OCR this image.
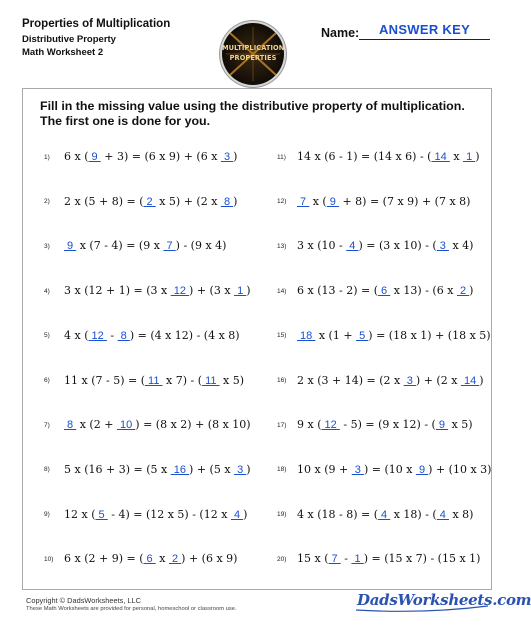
Properties of Multiplication
Distributive Property
Math Worksheet 2	MULTIPLICATION
PROPERTIES
Name:	ANSWER KEY
Fill in the missing value using the distributive property of multiplication.
The first one is done for you.
1) 6 x ( 9  + 3) = (6 x 9) + (6 x  3 )
2) 2 x (5 + 8) = ( 2  x 5) + (2 x  8 )
3) 9  x (7 - 4) = (9 x  7 ) - (9 x 4)
4) 3 x (12 + 1) = (3 x  12 ) + (3 x  1 )
5) 4 x ( 12  -  8 ) = (4 x 12) - (4 x 8)
6) 11 x (7 - 5) = ( 11  x 7) - ( 11  x 5)
7) 8  x (2 +  10 ) = (8 x 2) + (8 x 10)
8) 5 x (16 + 3) = (5 x  16 ) + (5 x  3 )
9) 12 x ( 5  - 4) = (12 x 5) - (12 x  4 )
10) 6 x (2 + 9) = ( 6  x  2 ) + (6 x 9)
11) 14 x (6 - 1) = (14 x 6) - ( 14  x  1 )
12) 7  x ( 9  + 8) = (7 x 9) + (7 x 8)
13) 3 x (10 -  4 ) = (3 x 10) - ( 3  x 4)
14) 6 x (13 - 2) = ( 6  x 13) - (6 x  2 )
15) 18  x (1 +  5 ) = (18 x 1) + (18 x 5)
16) 2 x (3 + 14) = (2 x  3 ) + (2 x  14 )
17) 9 x ( 12  - 5) = (9 x 12) - ( 9  x 5)
18) 10 x (9 +  3 ) = (10 x  9 ) + (10 x 3)
19) 4 x (18 - 8) = ( 4  x 18) - ( 4  x 8)
20) 15 x ( 7  -  1 ) = (15 x 7) - (15 x 1)
Copyright © DadsWorksheets, LLC
These Math Worksheets are provided for personal, homeschool or classroom use.	DadsWorksheets.com
